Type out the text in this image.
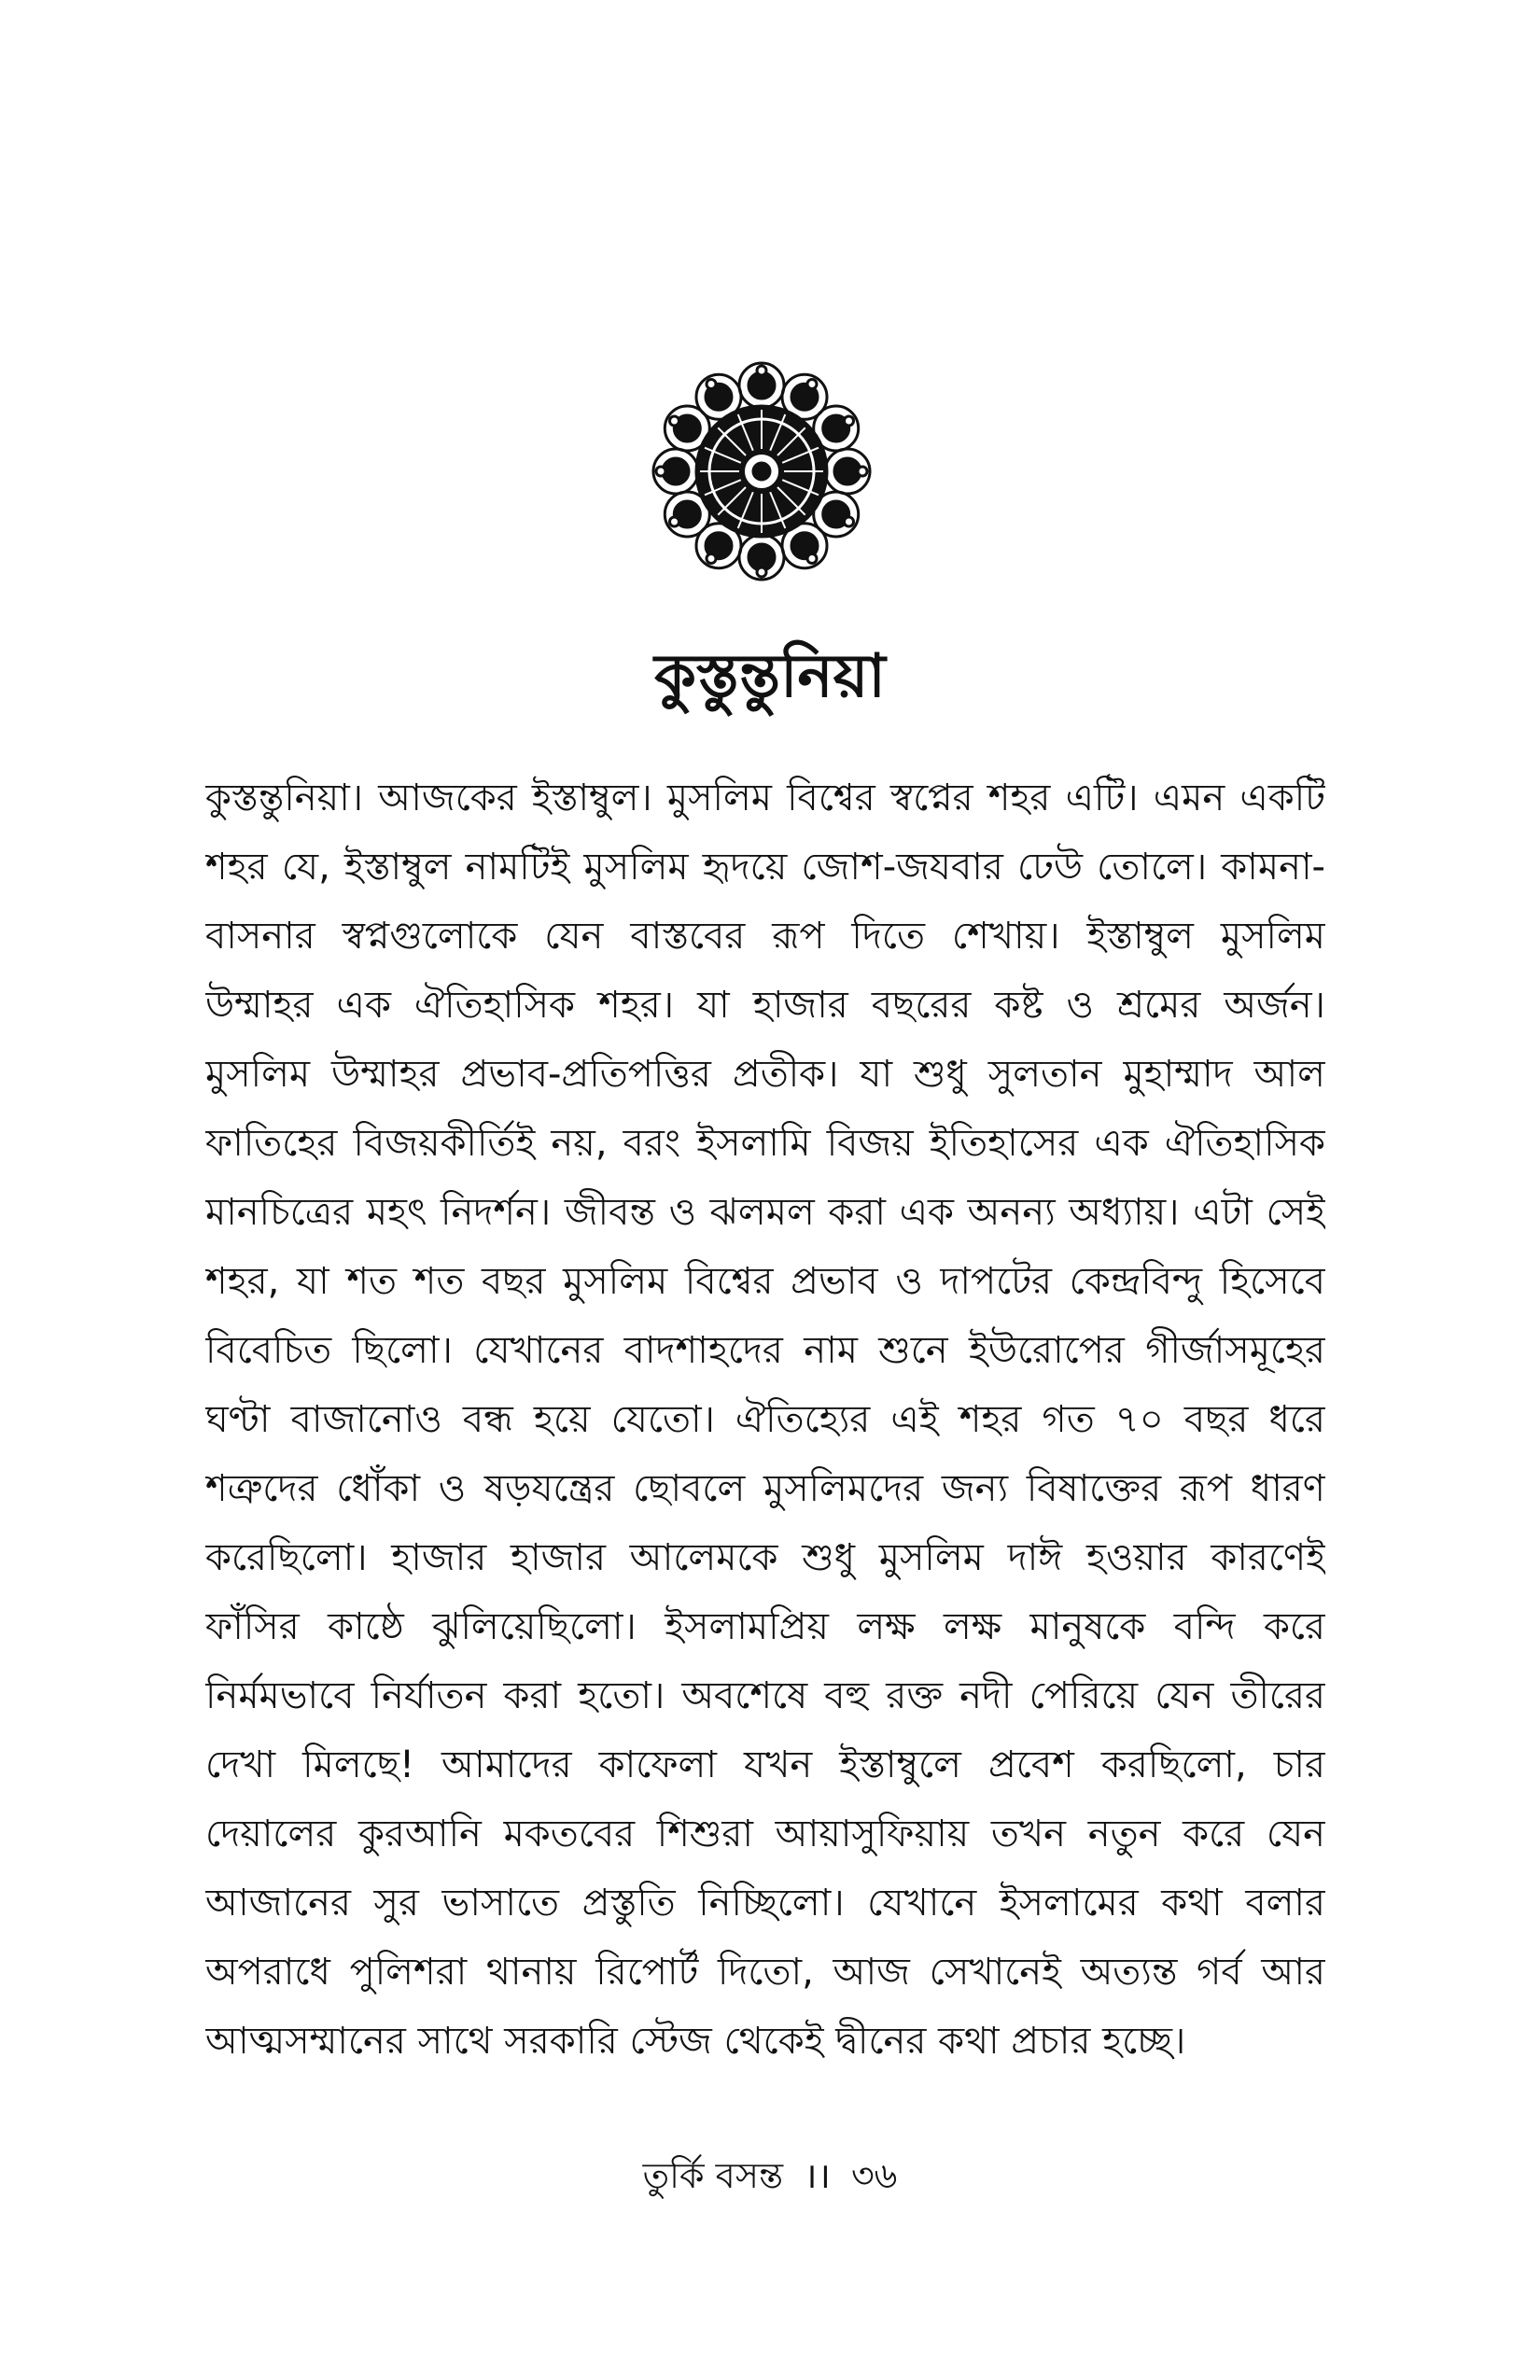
কুস্তুন্তুনিয়া
কুস্তন্তুনিয়া। আজকের ইস্তাম্বুল। মুসলিম বিশ্বের স্বপ্নের শহর এটি। এমন একটি
শহর যে, ইস্তাম্বুল নামটিই মুসলিম হৃদয়ে জোশ-জযবার ঢেউ তোলে। কামনা-
বাসনার স্বপ্নগুলোকে যেন বাস্তবের রূপ দিতে শেখায়। ইস্তাম্বুল মুসলিম
উম্মাহর এক ঐতিহাসিক শহর। যা হাজার বছরের কষ্ট ও শ্রমের অর্জন।
মুসলিম উম্মাহর প্রভাব-প্রতিপত্তির প্রতীক। যা শুধু সুলতান মুহাম্মাদ আল
ফাতিহের বিজয়কীর্তিই নয়, বরং ইসলামি বিজয় ইতিহাসের এক ঐতিহাসিক
মানচিত্রের মহৎ নিদর্শন। জীবন্ত ও ঝলমল করা এক অনন্য অধ্যায়। এটা সেই
শহর, যা শত শত বছর মুসলিম বিশ্বের প্রভাব ও দাপটের কেন্দ্রবিন্দু হিসেবে
বিবেচিত ছিলো। যেখানের বাদশাহদের নাম শুনে ইউরোপের গীর্জাসমূহের
ঘণ্টা বাজানোও বন্ধ হয়ে যেতো। ঐতিহ্যের এই শহর গত ৭০ বছর ধরে
শত্রুদের ধোঁকা ও ষড়যন্ত্রের ছোবলে মুসলিমদের জন্য বিষাক্তের রূপ ধারণ
করেছিলো। হাজার হাজার আলেমকে শুধু মুসলিম দাঈ হওয়ার কারণেই
ফাঁসির কাষ্ঠে ঝুলিয়েছিলো। ইসলামপ্রিয় লক্ষ লক্ষ মানুষকে বন্দি করে
নির্মমভাবে নির্যাতন করা হতো। অবশেষে বহু রক্ত নদী পেরিয়ে যেন তীরের
দেখা মিলছে! আমাদের কাফেলা যখন ইস্তাম্বুলে প্রবেশ করছিলো, চার
দেয়ালের কুরআনি মকতবের শিশুরা আয়াসুফিয়ায় তখন নতুন করে যেন
আজানের সুর ভাসাতে প্রস্তুতি নিচ্ছিলো। যেখানে ইসলামের কথা বলার
অপরাধে পুলিশরা থানায় রিপোর্ট দিতো, আজ সেখানেই অত্যন্ত গর্ব আর
আত্মসম্মানের সাথে সরকারি স্টেজ থেকেই দ্বীনের কথা প্রচার হচ্ছে।
তুর্কি বসন্ত ।। ৩৬
